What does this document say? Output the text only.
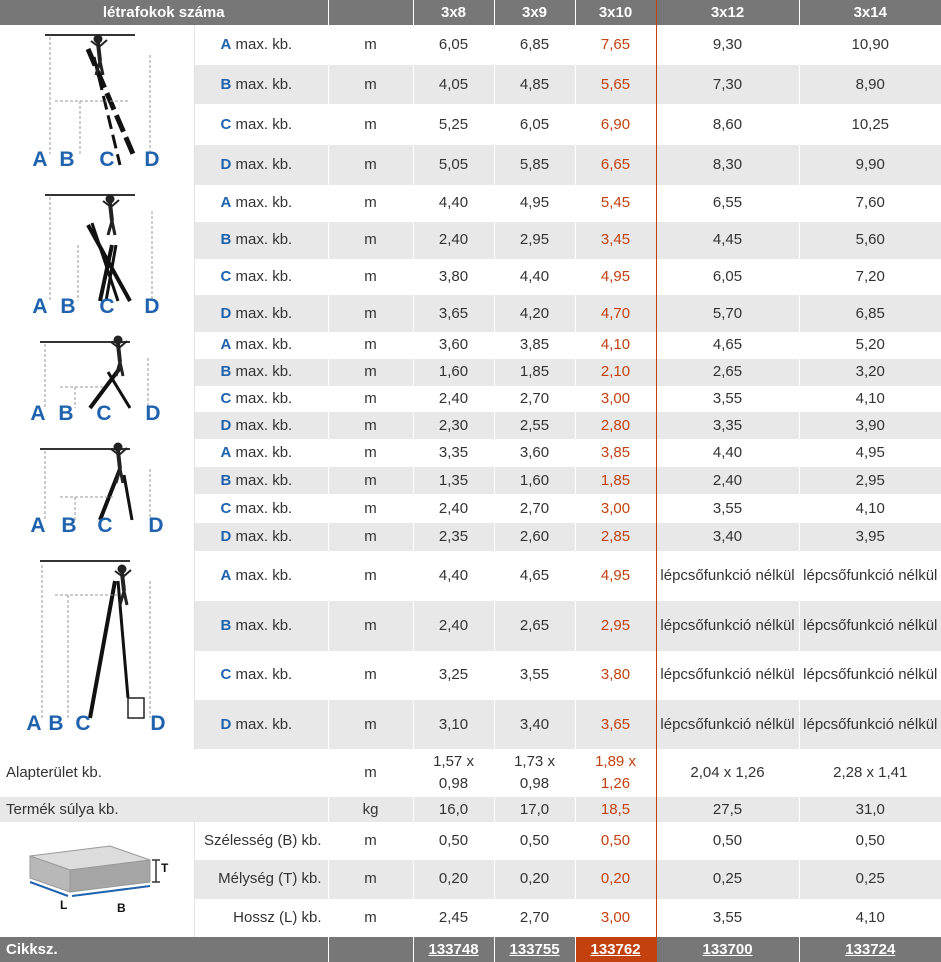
létrafokok száma			3x8	3x9	3x10	3x12	3x14

A B C D	A max. kb.	m	6,05	6,85	7,65	9,30	10,90
	B max. kb.	m	4,05	4,85	5,65	7,30	8,90
	C max. kb.	m	5,25	6,05	6,90	8,60	10,25
	D max. kb.	m	5,05	5,85	6,65	8,30	9,90

A B C D	A max. kb.	m	4,40	4,95	5,45	6,55	7,60
	B max. kb.	m	2,40	2,95	3,45	4,45	5,60
	C max. kb.	m	3,80	4,40	4,95	6,05	7,20
	D max. kb.	m	3,65	4,20	4,70	5,70	6,85

A B C D	A max. kb.	m	3,60	3,85	4,10	4,65	5,20
	B max. kb.	m	1,60	1,85	2,10	2,65	3,20
	C max. kb.	m	2,40	2,70	3,00	3,55	4,10
	D max. kb.	m	2,30	2,55	2,80	3,35	3,90

A B C D	A max. kb.	m	3,35	3,60	3,85	4,40	4,95
	B max. kb.	m	1,35	1,60	1,85	2,40	2,95
	C max. kb.	m	2,40	2,70	3,00	3,55	4,10
	D max. kb.	m	2,35	2,60	2,85	3,40	3,95

A B C D	A max. kb.	m	4,40	4,65	4,95	lépcsőfunkció nélkül	lépcsőfunkció nélkül
	B max. kb.	m	2,40	2,65	2,95	lépcsőfunkció nélkül	lépcsőfunkció nélkül
	C max. kb.	m	3,25	3,55	3,80	lépcsőfunkció nélkül	lépcsőfunkció nélkül
	D max. kb.	m	3,10	3,40	3,65	lépcsőfunkció nélkül	lépcsőfunkció nélkül
Alapterület kb.		m	1,57 x 0,98	1,73 x 0,98	1,89 x 1,26	2,04 x 1,26	2,28 x 1,41
Termék súlya kb.		kg	16,0	17,0	18,5	27,5	31,0

T
L B	Szélesség (B) kb.	m	0,50	0,50	0,50	0,50	0,50
	Mélység (T) kb.	m	0,20	0,20	0,20	0,25	0,25
	Hossz (L) kb.	m	2,45	2,70	3,00	3,55	4,10
Cikksz.			133748	133755	133762	133700	133724
